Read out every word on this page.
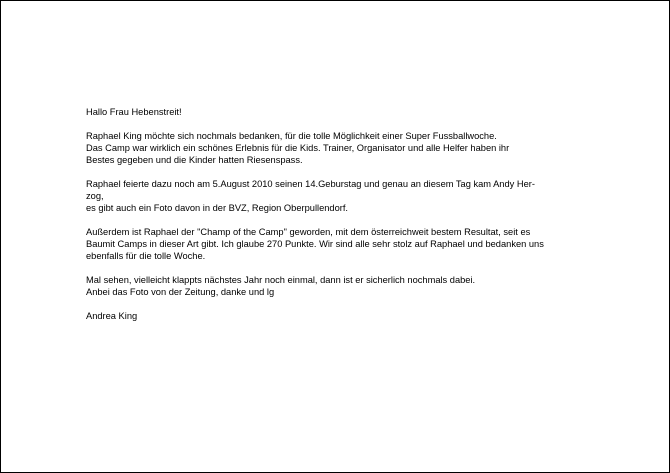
Hallo Frau Hebenstreit!

Raphael King möchte sich nochmals bedanken, für die tolle Möglichkeit einer Super Fussballwoche.
Das Camp war wirklich ein schönes Erlebnis für die Kids. Trainer, Organisator und alle Helfer haben ihr
Bestes gegeben und die Kinder hatten Riesenspass.

Raphael feierte dazu noch am 5.August 2010 seinen 14.Geburstag und genau an diesem Tag kam Andy Her-
zog,
es gibt auch ein Foto davon in der BVZ, Region Oberpullendorf.

Außerdem ist Raphael der "Champ of the Camp" geworden, mit dem österreichweit bestem Resultat, seit es
Baumit Camps in dieser Art gibt. Ich glaube 270 Punkte. Wir sind alle sehr stolz auf Raphael und bedanken uns
ebenfalls für die tolle Woche.

Mal sehen, vielleicht klappts nächstes Jahr noch einmal, dann ist er sicherlich nochmals dabei.
Anbei das Foto von der Zeitung, danke und lg

Andrea King
